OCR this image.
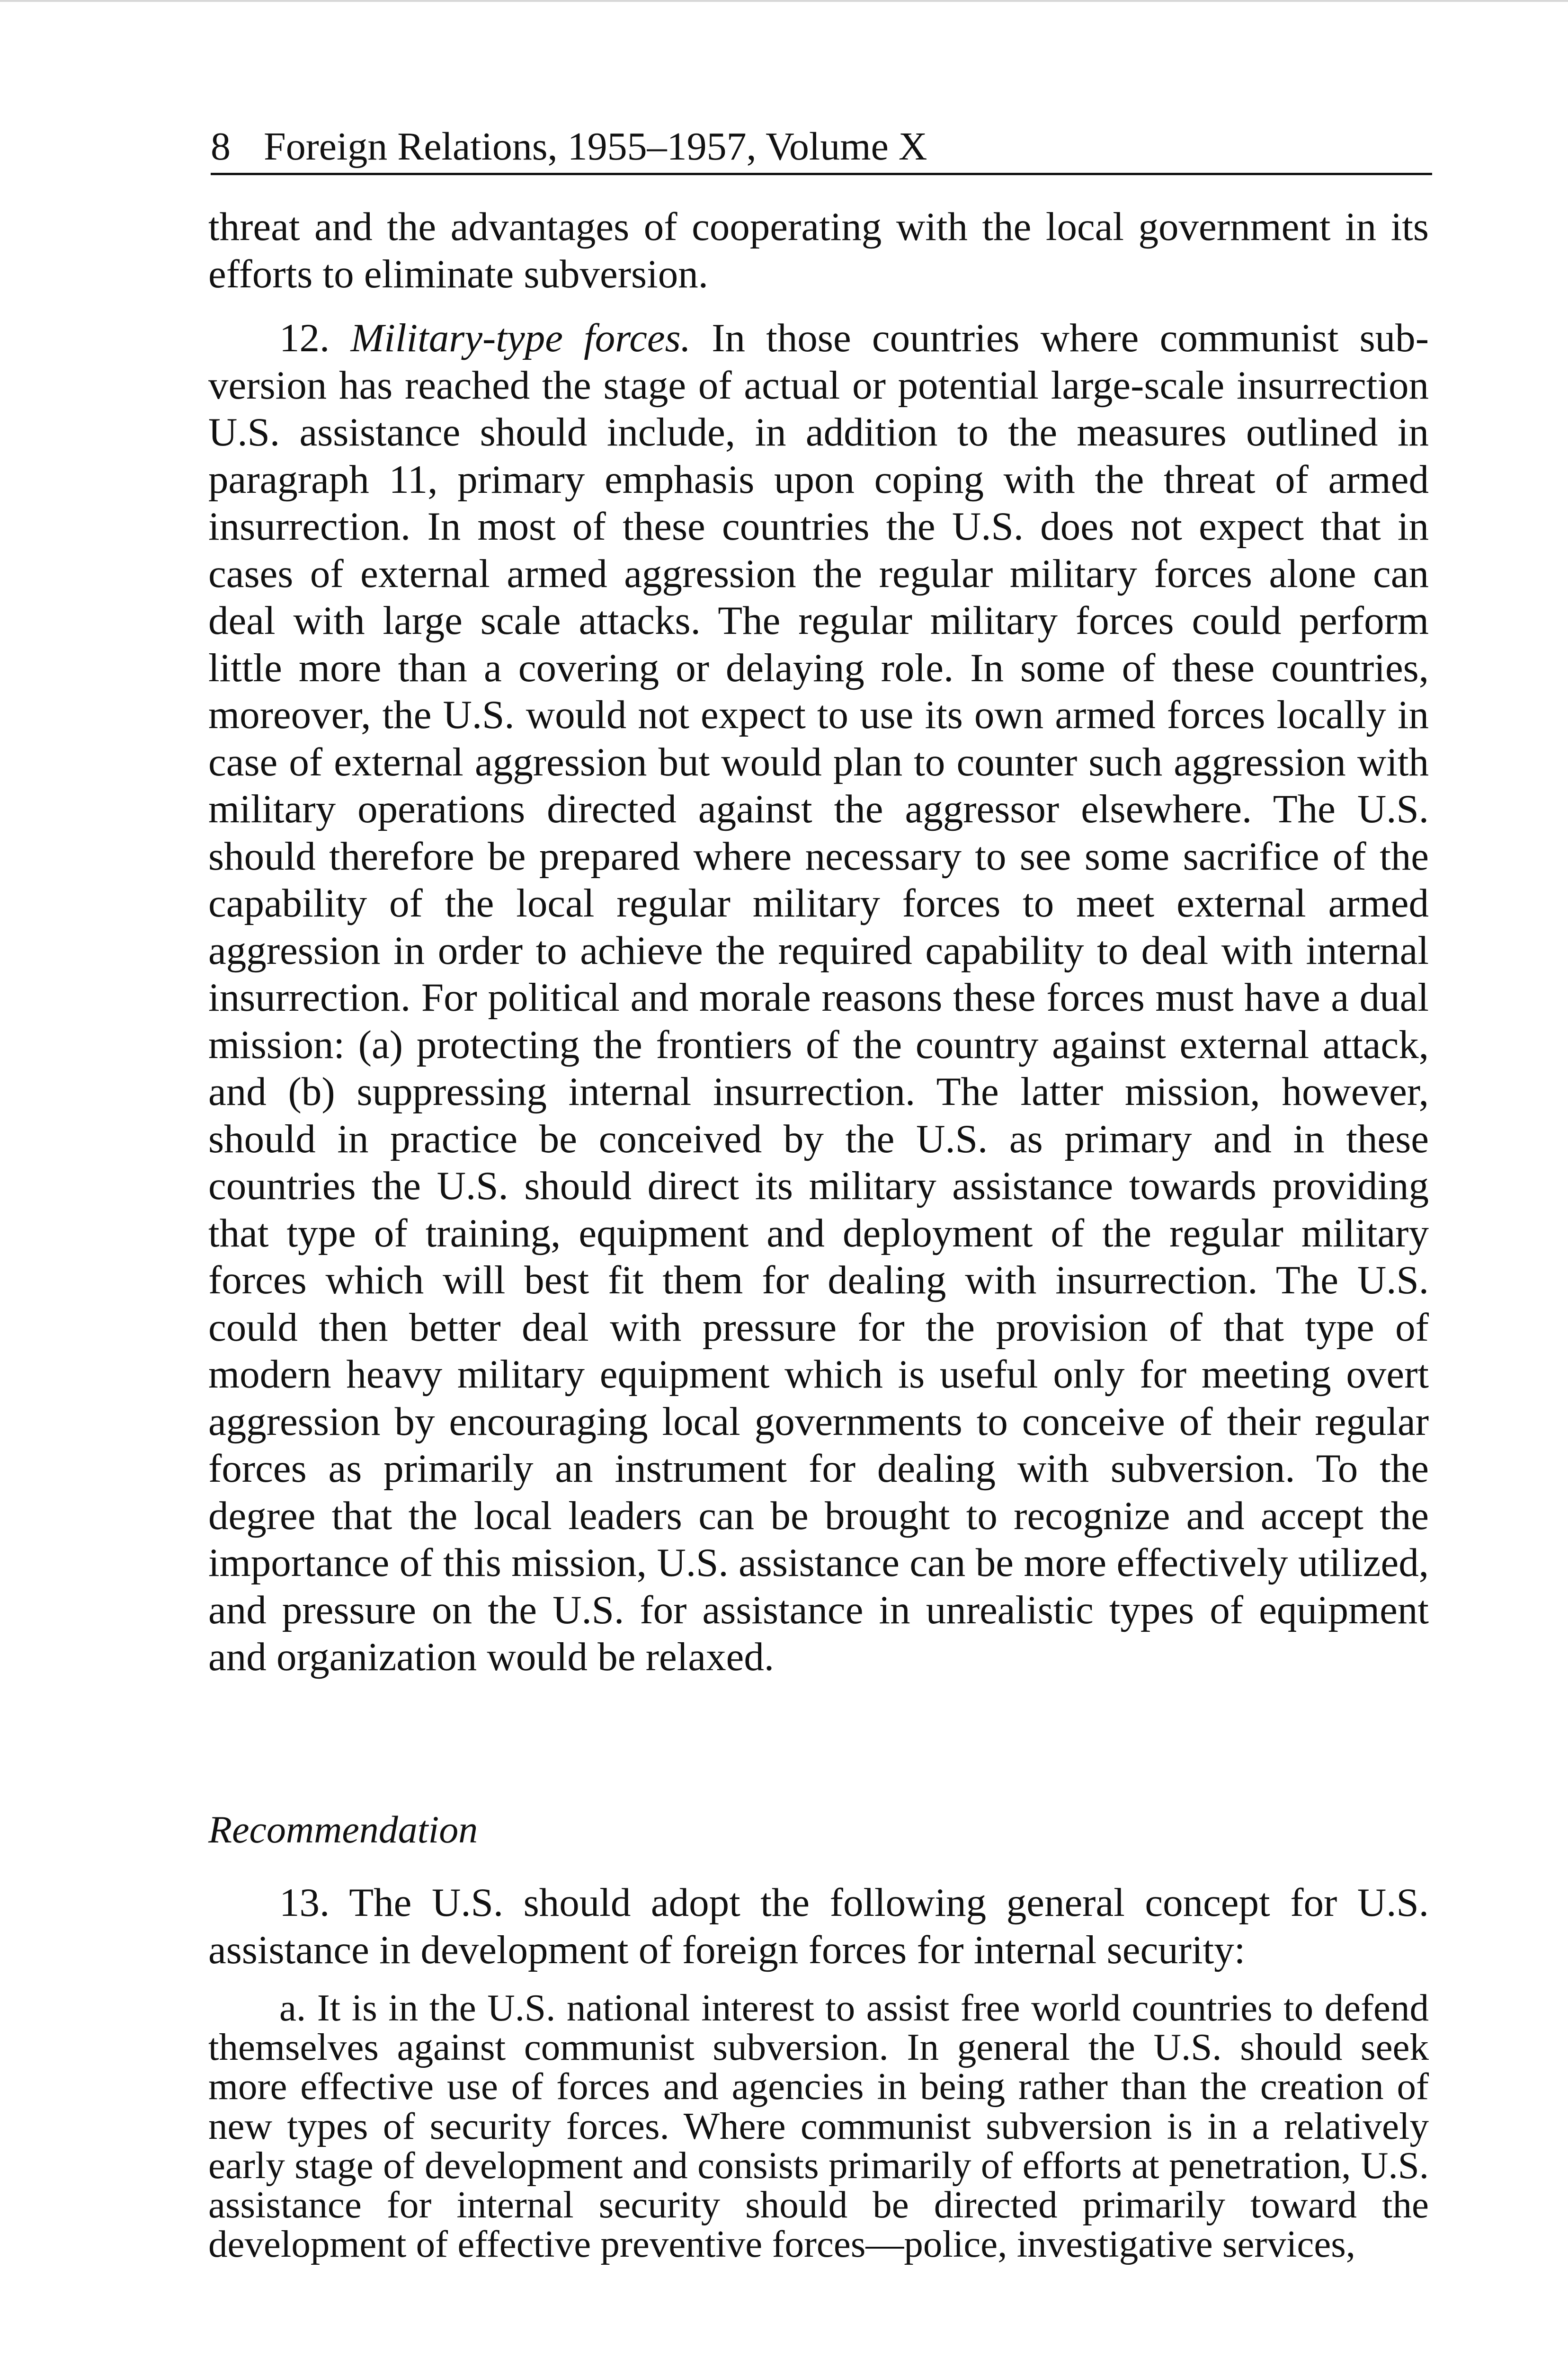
8 Foreign Relations, 1955–1957, Volume X

threat and the advantages of cooperating with the local government in its efforts to eliminate subversion.

12. Military-type forces. In those countries where communist subversion has reached the stage of actual or potential large-scale insurrection U.S. assistance should include, in addition to the measures outlined in paragraph 11, primary emphasis upon coping with the threat of armed insurrection. In most of these countries the U.S. does not expect that in cases of external armed aggression the regular military forces alone can deal with large scale attacks. The regular military forces could perform little more than a covering or delaying role. In some of these countries, moreover, the U.S. would not expect to use its own armed forces locally in case of external aggression but would plan to counter such aggression with military operations directed against the aggressor elsewhere. The U.S. should therefore be prepared where necessary to see some sacrifice of the capability of the local regular military forces to meet external armed aggression in order to achieve the required capability to deal with internal insurrection. For political and morale reasons these forces must have a dual mission: (a) protecting the frontiers of the country against external attack, and (b) suppressing internal insurrection. The latter mission, however, should in practice be conceived by the U.S. as primary and in these countries the U.S. should direct its military assistance towards providing that type of training, equipment and deployment of the regular military forces which will best fit them for dealing with insurrection. The U.S. could then better deal with pressure for the provision of that type of modern heavy military equipment which is useful only for meeting overt aggression by encouraging local governments to conceive of their regular forces as primarily an instrument for dealing with subversion. To the degree that the local leaders can be brought to recognize and accept the importance of this mission, U.S. assistance can be more effectively utilized, and pressure on the U.S. for assistance in unrealistic types of equipment and organization would be relaxed.

Recommendation

13. The U.S. should adopt the following general concept for U.S. assistance in development of foreign forces for internal security:

a. It is in the U.S. national interest to assist free world countries to defend themselves against communist subversion. In general the U.S. should seek more effective use of forces and agencies in being rather than the creation of new types of security forces. Where communist subversion is in a relatively early stage of development and consists primarily of efforts at penetration, U.S. assistance for internal security should be directed primarily toward the development of effective preventive forces—police, investigative services,
